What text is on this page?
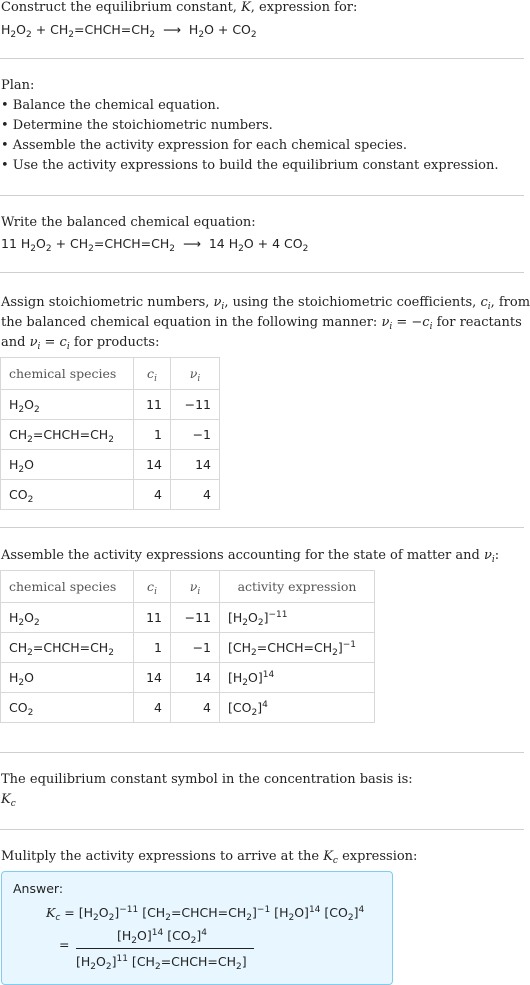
Construct the equilibrium constant, K, expression for:
$H_2O_2$ + $CH_2=CHCH=CH_2$ ⟶ $H_2O + CO_2$
Plan:
• Balance the chemical equation.
• Determine the stoichiometric numbers.
• Assemble the activity expression for each chemical species.
• Use the activity expressions to build the equilibrium constant expression.
Write the balanced chemical equation:
11 $H_2O_2$ + $CH_2=CHCH=CH_2$ ⟶ 14 $H_2O + 4$ $CO_2$
Assign stoichiometric numbers, $\nu_i$, using the stoichiometric coefficients, $c_i$, from
the balanced chemical equation in the following manner: $\nu_i = -c_i$ for reactants
and $\nu_i = c_i$ for products:
chemical species	$c_i$	$\nu_i$
$H_2O_2$	11	−11
$CH_2=CHCH=CH_2$	1	−1
$H_2O$	14	14
$CO_2$	4	4
Assemble the activity expressions accounting for the state of matter and $\nu_i$:
chemical species	$c_i$	$\nu_i$	activity expression
$H_2O_2$	11	−11	$[H_2O_2]^{-11}$
$CH_2=CHCH=CH_2$	1	−1	$[CH_2=CHCH=CH_2]^{-1}$
$H_2O$	14	14	$[H_2O]^{14}$
$CO_2$	4	4	$[CO_2]^4$
The equilibrium constant symbol in the concentration basis is:
$K_c$
Mulitply the activity expressions to arrive at the $K_c$ expression:
Answer:
$K_c = [H_2O_2]^{-11}$ $[CH_2=CHCH=CH_2]^{-1}$ $[H_2O]^{14}$ $[CO_2]^4$
=
$[H_2O]^{14}$ $[CO_2]^4$
$[H_2O_2]^{11}$ $[CH_2=CHCH=CH_2]$
